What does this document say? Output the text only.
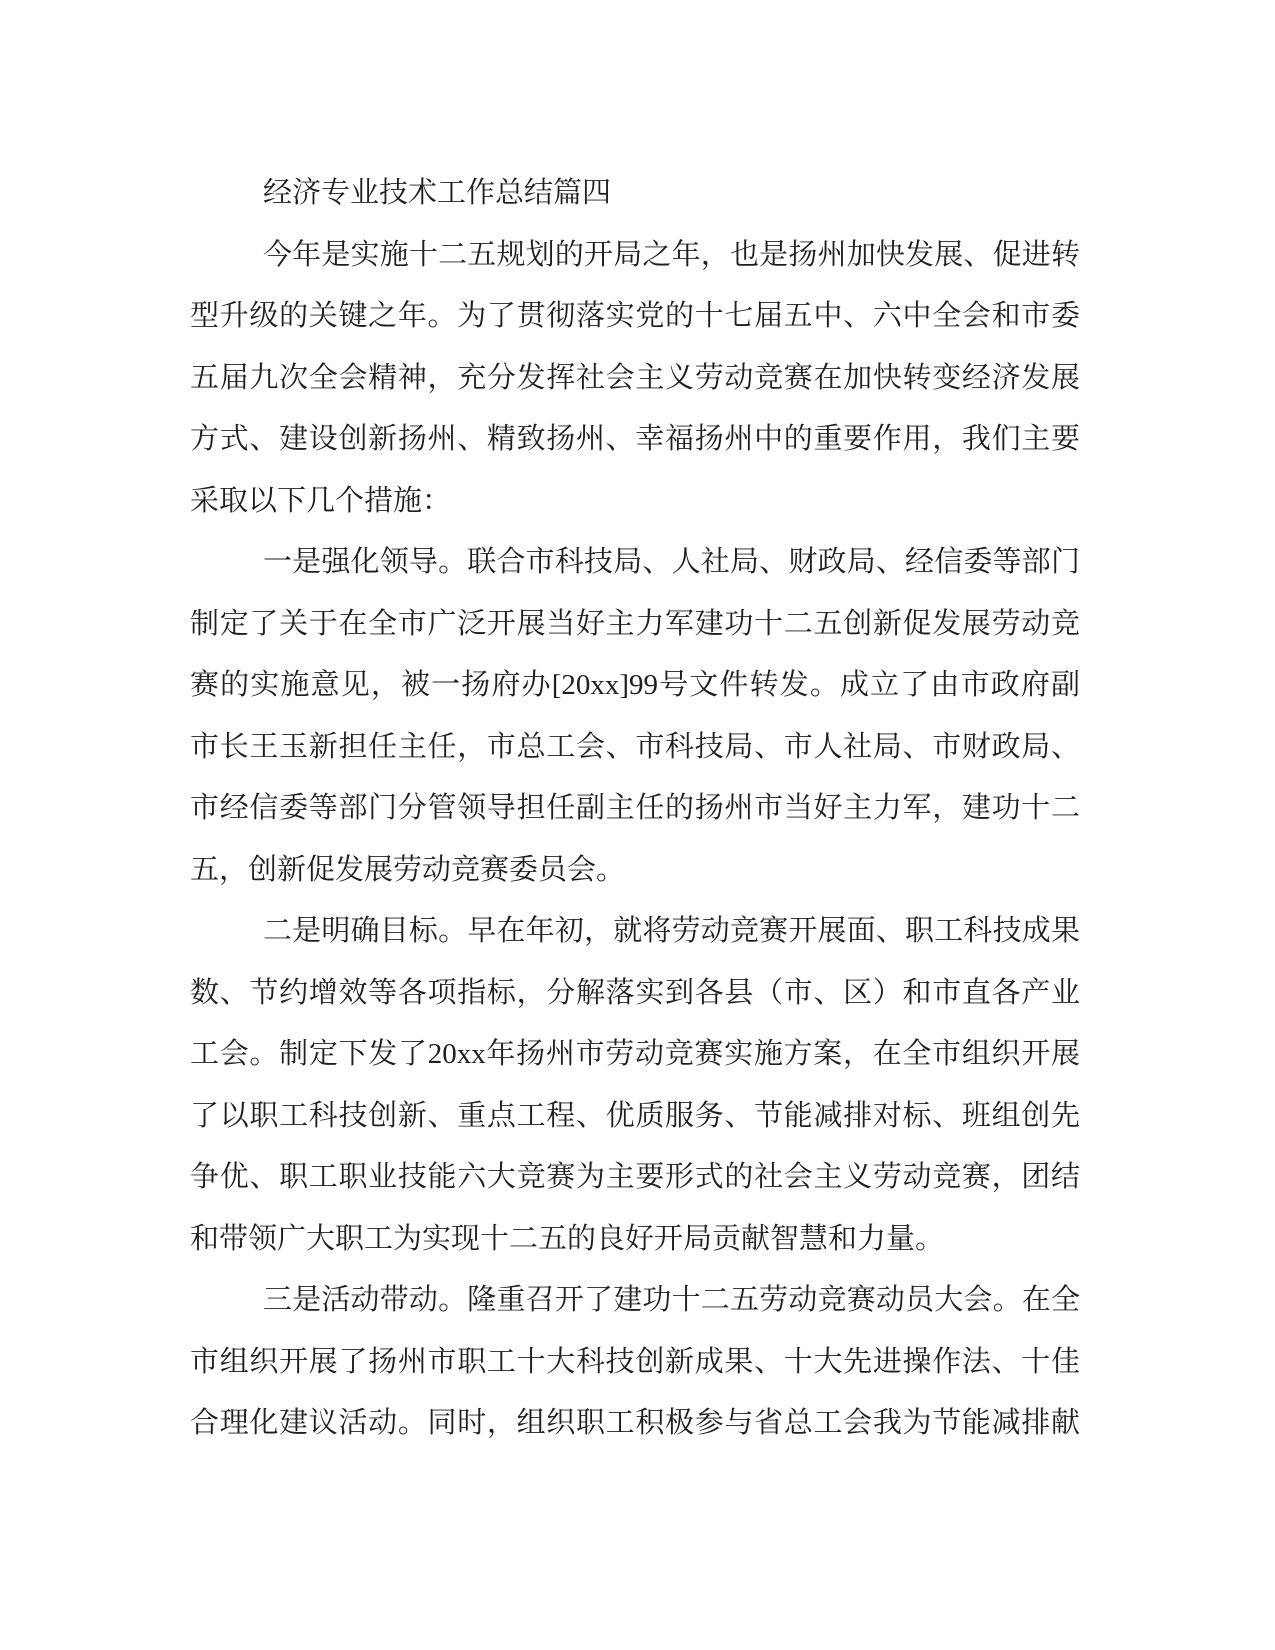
经济专业技术工作总结篇四
今年是实施十二五规划的开局之年，也是扬州加快发展、促进转
型升级的关键之年。为了贯彻落实党的十七届五中、六中全会和市委
五届九次全会精神，充分发挥社会主义劳动竞赛在加快转变经济发展
方式、建设创新扬州、精致扬州、幸福扬州中的重要作用，我们主要
采取以下几个措施：
一是强化领导。联合市科技局、人社局、财政局、经信委等部门
制定了关于在全市广泛开展当好主力军建功十二五创新促发展劳动竞
赛的实施意见，被一扬府办[20xx]99号文件转发。成立了由市政府副
市长王玉新担任主任，市总工会、市科技局、市人社局、市财政局、
市经信委等部门分管领导担任副主任的扬州市当好主力军，建功十二
五，创新促发展劳动竞赛委员会。
二是明确目标。早在年初，就将劳动竞赛开展面、职工科技成果
数、节约增效等各项指标，分解落实到各县（市、区）和市直各产业
工会。制定下发了20xx年扬州市劳动竞赛实施方案，在全市组织开展
了以职工科技创新、重点工程、优质服务、节能减排对标、班组创先
争优、职工职业技能六大竞赛为主要形式的社会主义劳动竞赛，团结
和带领广大职工为实现十二五的良好开局贡献智慧和力量。
三是活动带动。隆重召开了建功十二五劳动竞赛动员大会。在全
市组织开展了扬州市职工十大科技创新成果、十大先进操作法、十佳
合理化建议活动。同时，组织职工积极参与省总工会我为节能减排献
